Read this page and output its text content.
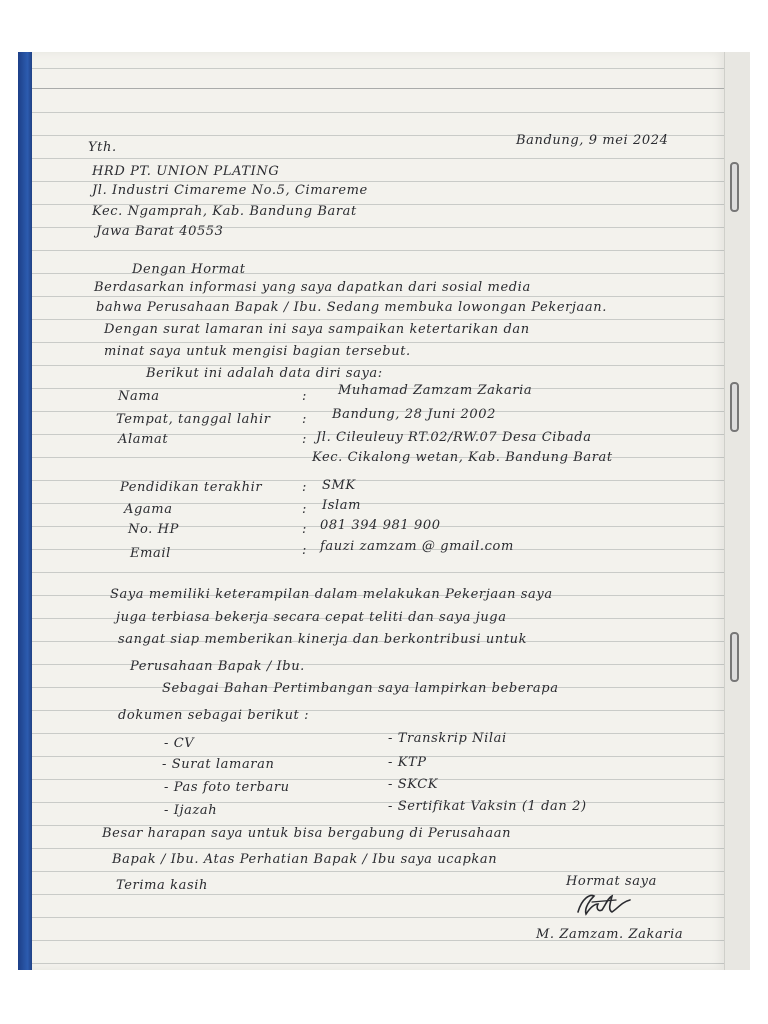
Yth.	Bandung, 9 mei 2024
HRD PT. UNION PLATING
Jl. Industri Cimareme No.5, Cimareme
Kec. Ngamprah, Kab. Bandung Barat
Jawa Barat 40553
Dengan Hormat
Berdasarkan informasi yang saya dapatkan dari sosial media
bahwa Perusahaan Bapak / Ibu. Sedang membuka lowongan Pekerjaan.
Dengan surat lamaran ini saya sampaikan ketertarikan dan
minat saya untuk mengisi bagian tersebut.
Berikut ini adalah data diri saya:
Nama	: Muhamad Zamzam Zakaria
Tempat, tanggal lahir : Bandung, 28 Juni 2002
Alamat	: Jl. Cileuleuy RT.02/RW.07 Desa Cibada
Kec. Cikalong wetan, Kab. Bandung Barat
Pendidikan terakhir	: SMK
Agama	: Islam
No. HP	: 081 394 981 900
Email	: fauzi zamzam @ gmail.com
Saya memiliki keterampilan dalam melakukan Pekerjaan saya
juga terbiasa bekerja secara cepat teliti dan saya juga
sangat siap memberikan kinerja dan berkontribusi untuk
Perusahaan Bapak / Ibu.
Sebagai Bahan Pertimbangan saya lampirkan beberapa
dokumen sebagai berikut :
- CV	- Transkrip Nilai
- Surat lamaran	- KTP
- Pas foto terbaru	- SKCK
- Ijazah	- Sertifikat Vaksin (1 dan 2)
Besar harapan saya untuk bisa bergabung di Perusahaan
Bapak / Ibu. Atas Perhatian Bapak / Ibu saya ucapkan
Terima kasih	Hormat saya
M. Zamzam. Zakaria
